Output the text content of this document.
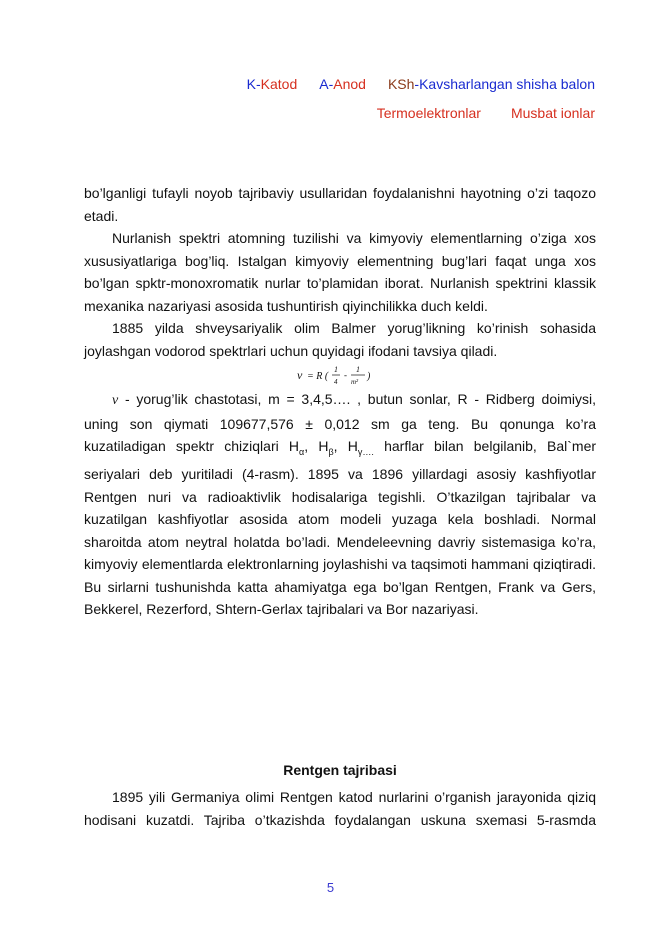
K-Katod A-Anod KSh-Kavsharlangan shisha balon
Termoelektronlar Musbat ionlar

bo’lganligi tufayli noyob tajribaviy usullaridan foydalanishni hayotning o’zi taqozo etadi.

Nurlanish spektri atomning tuzilishi va kimyoviy elementlarning o’ziga xos xususiyatlariga bog’liq. Istalgan kimyoviy elementning bug’lari faqat unga xos bo’lgan spktr-monoxromatik nurlar to’plamidan iborat. Nurlanish spektrini klassik mexanika nazariyasi asosida tushuntirish qiyinchilikka duch keldi.

1885 yilda shveysariyalik olim Balmer yorug’likning ko’rinish sohasida joylashgan vodorod spektrlari uchun quyidagi ifodani tavsiya qiladi.

ν = R (
1
4
-
1
m² )

ν - yorug’lik chastotasi, m = 3,4,5…. , butun sonlar, R - Ridberg doimiysi, uning son qiymati 109677,576 ± 0,012 sm ga teng. Bu qonunga ko’ra kuzatiladigan spektr chiziqlari $H_\alpha$, $H_\beta$, $H_{\gamma\dots.}$ harflar bilan belgilanib, Bal`mer seriyalari deb yuritiladi (4-rasm). 1895 va 1896 yillardagi asosiy kashfiyotlar Rentgen nuri va radioaktivlik hodisalariga tegishli. O’tkazilgan tajribalar va kuzatilgan kashfiyotlar asosida atom modeli yuzaga kela boshladi. Normal sharoitda atom neytral holatda bo’ladi. Mendeleevning davriy sistemasiga ko’ra, kimyoviy elementlarda elektronlarning joylashishi va taqsimoti hammani qiziqtiradi. Bu sirlarni tushunishda katta ahamiyatga ega bo’lgan Rentgen, Frank va Gers, Bekkerel, Rezerford, Shtern-Gerlax tajribalari va Bor nazariyasi.

Rentgen tajribasi

1895 yili Germaniya olimi Rentgen katod nurlarini o’rganish jarayonida qiziq hodisani kuzatdi. Tajriba o’tkazishda foydalangan uskuna sxemasi 5-rasmda

5
